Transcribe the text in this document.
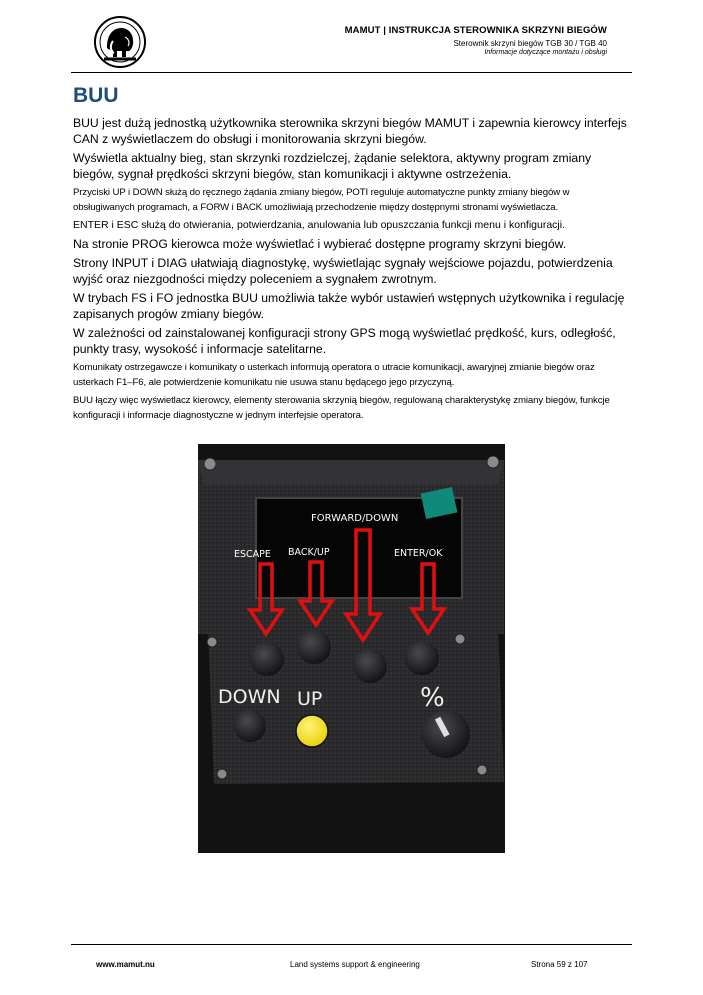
MAMUT | INSTRUKCJA STEROWNIKA SKRZYNI BIEGÓW
Sterownik skrzyni biegów TGB 30 / TGB 40
Informacje dotyczące montażu i obsługi
BUU

BUU jest dużą jednostką użytkownika sterownika skrzyni biegów MAMUT i zapewnia kierowcy interfejs CAN z wyświetlaczem do obsługi i monitorowania skrzyni biegów.

Wyświetla aktualny bieg, stan skrzynki rozdzielczej, żądanie selektora, aktywny program zmiany biegów, sygnał prędkości skrzyni biegów, stan komunikacji i aktywne ostrzeżenia.

Przyciski UP i DOWN służą do ręcznego żądania zmiany biegów, POTI reguluje automatyczne punkty zmiany biegów w obsługiwanych programach, a FORW i BACK umożliwiają przechodzenie między dostępnymi stronami wyświetlacza.

ENTER i ESC służą do otwierania, potwierdzania, anulowania lub opuszczania funkcji menu i konfiguracji.

Na stronie PROG kierowca może wyświetlać i wybierać dostępne programy skrzyni biegów.

Strony INPUT i DIAG ułatwiają diagnostykę, wyświetlając sygnały wejściowe pojazdu, potwierdzenia wyjść oraz niezgodności między poleceniem a sygnałem zwrotnym.

W trybach FS i FO jednostka BUU umożliwia także wybór ustawień wstępnych użytkownika i regulację zapisanych progów zmiany biegów.

W zależności od zainstalowanej konfiguracji strony GPS mogą wyświetlać prędkość, kurs, odległość, punkty trasy, wysokość i informacje satelitarne.

Komunikaty ostrzegawcze i komunikaty o usterkach informują operatora o utracie komunikacji, awaryjnej zmianie biegów oraz usterkach F1–F6, ale potwierdzenie komunikatu nie usuwa stanu będącego jego przyczyną.

BUU łączy więc wyświetlacz kierowcy, elementy sterowania skrzynią biegów, regulowaną charakterystykę zmiany biegów, funkcje konfiguracji i informacje diagnostyczne w jednym interfejsie operatora.

FORWARD/DOWN
ESCAPE BACK/UP	ENTER/OK
DOWN UP	%
www.mamut.nu	Land systems support & engineering	Strona 59 z 107
